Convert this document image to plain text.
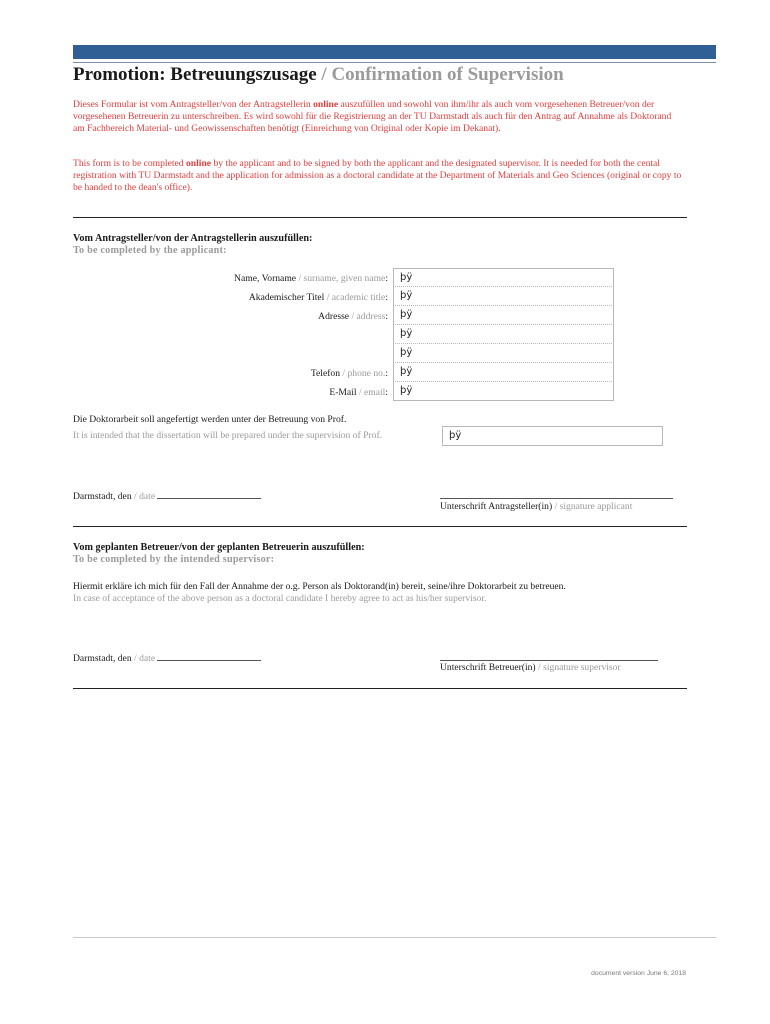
Promotion: Betreuungszusage / Confirmation of Supervision
Dieses Formular ist vom Antragsteller/von der Antragstellerin online auszufüllen und sowohl von ihm/ihr als auch vom vorgesehenen Betreuer/von der vorgesehenen Betreuerin zu unterschreiben. Es wird sowohl für die Registrierung an der TU Darmstadt als auch für den Antrag auf Annahme als Doktorand am Fachbereich Material- und Geowissenschaften benötigt (Einreichung von Original oder Kopie im Dekanat).
This form is to be completed online by the applicant and to be signed by both the applicant and the designated supervisor. It is needed for both the cental registration with TU Darmstadt and the application for admission as a doctoral candidate at the Department of Materials and Geo Sciences (original or copy to be handed to the dean's office).
Vom Antragsteller/von der Antragstellerin auszufüllen:
To be completed by the applicant:
Name, Vorname / surname, given name:	þÿ
Akademischer Titel / academic title:	þÿ
Adresse / address:	þÿ
þÿ
þÿ
Telefon / phone no.:	þÿ
E-Mail / email:	þÿ
Die Doktorarbeit soll angefertigt werden unter der Betreuung von Prof.
It is intended that the dissertation will be prepared under the supervision of Prof.	þÿ
Darmstadt, den / date
Unterschrift Antragsteller(in) / signature applicant
Vom geplanten Betreuer/von der geplanten Betreuerin auszufüllen:
To be completed by the intended supervisor:
Hiermit erkläre ich mich für den Fall der Annahme der o.g. Person als Doktorand(in) bereit, seine/ihre Doktorarbeit zu betreuen.
In case of acceptance of the above person as a doctoral candidate I hereby agree to act as his/her supervisor.
Darmstadt, den / date
Unterschrift Betreuer(in) / signature supervisor
document version June 6, 2018
